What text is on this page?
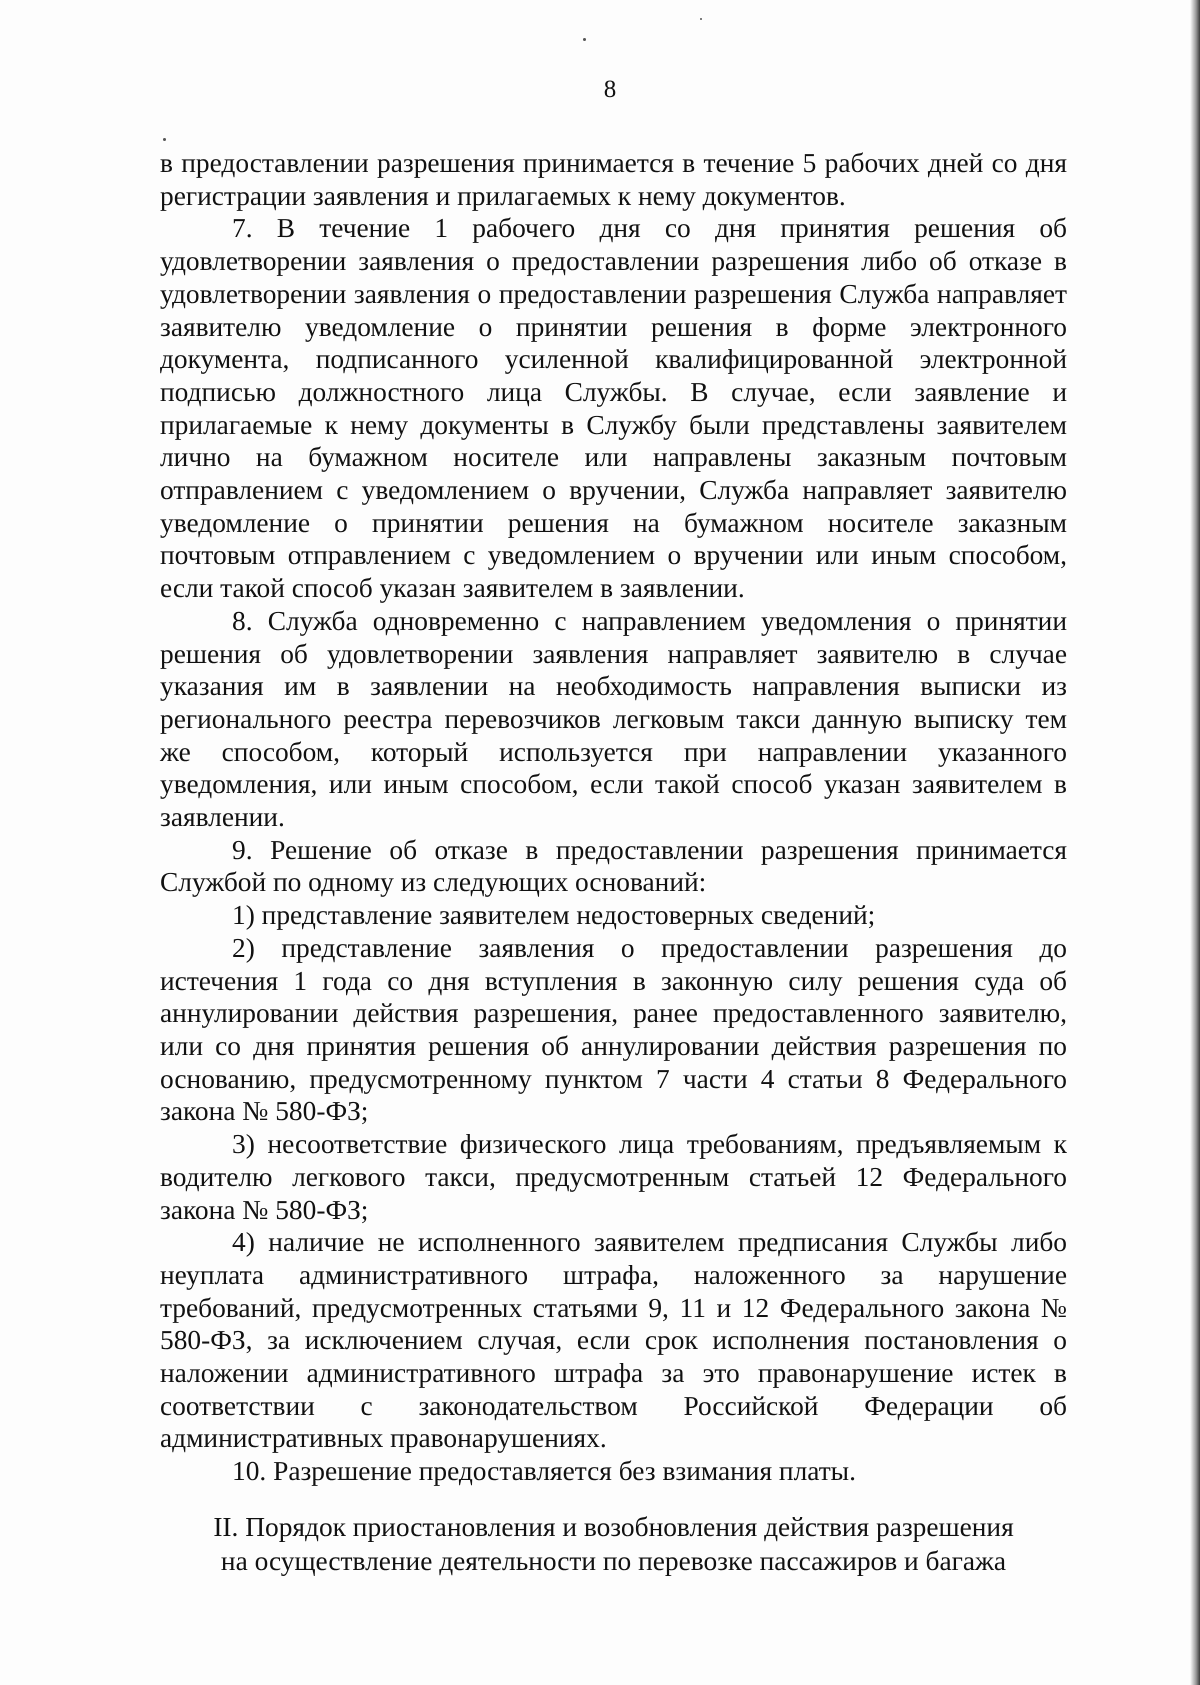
8

в предоставлении разрешения принимается в течение 5 рабочих дней со дня регистрации заявления и прилагаемых к нему документов.

7. В течение 1 рабочего дня со дня принятия решения об удовлетворении заявления о предоставлении разрешения либо об отказе в удовлетворении заявления о предоставлении разрешения Служба направляет заявителю уведомление о принятии решения в форме электронного документа, подписанного усиленной квалифицированной электронной подписью должностного лица Службы. В случае, если заявление и прилагаемые к нему документы в Службу были представлены заявителем лично на бумажном носителе или направлены заказным почтовым отправлением с уведомлением о вручении, Служба направляет заявителю уведомление о принятии решения на бумажном носителе заказным почтовым отправлением с уведомлением о вручении или иным способом, если такой способ указан заявителем в заявлении.

8. Служба одновременно с направлением уведомления о принятии решения об удовлетворении заявления направляет заявителю в случае указания им в заявлении на необходимость направления выписки из регионального реестра перевозчиков легковым такси данную выписку тем же способом, который используется при направлении указанного уведомления, или иным способом, если такой способ указан заявителем в заявлении.

9. Решение об отказе в предоставлении разрешения принимается Службой по одному из следующих оснований:

1) представление заявителем недостоверных сведений;

2) представление заявления о предоставлении разрешения до истечения 1 года со дня вступления в законную силу решения суда об аннулировании действия разрешения, ранее предоставленного заявителю, или со дня принятия решения об аннулировании действия разрешения по основанию, предусмотренному пунктом 7 части 4 статьи 8 Федерального закона № 580-ФЗ;

3) несоответствие физического лица требованиям, предъявляемым к водителю легкового такси, предусмотренным статьей 12 Федерального закона № 580-ФЗ;

4) наличие не исполненного заявителем предписания Службы либо неуплата административного штрафа, наложенного за нарушение требований, предусмотренных статьями 9, 11 и 12 Федерального закона № 580-ФЗ, за исключением случая, если срок исполнения постановления о наложении административного штрафа за это правонарушение истек в соответствии с законодательством Российской Федерации об административных правонарушениях.

10. Разрешение предоставляется без взимания платы.

II. Порядок приостановления и возобновления действия разрешения

на осуществление деятельности по перевозке пассажиров и багажа
